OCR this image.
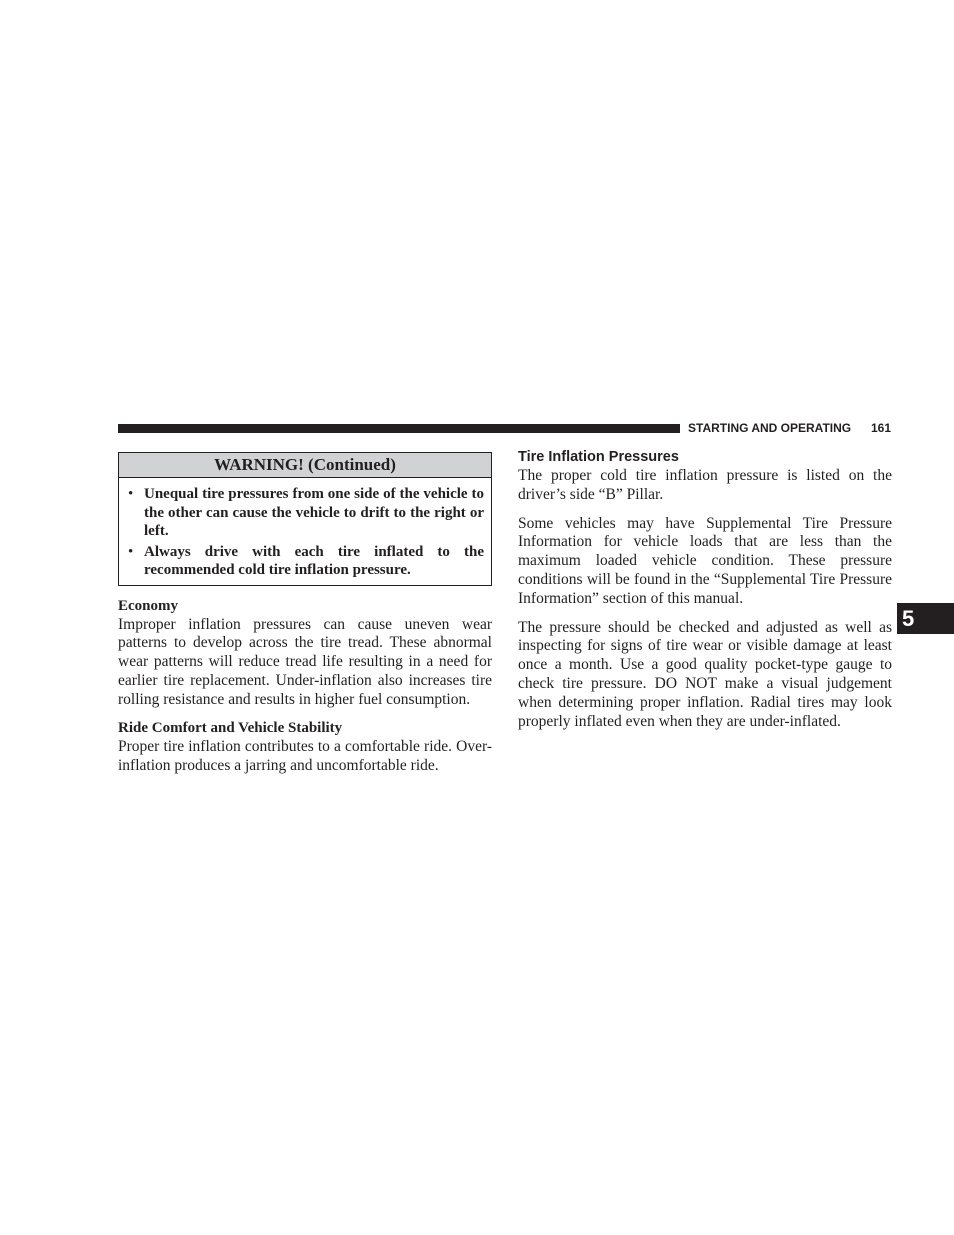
STARTING AND OPERATING 161
5
WARNING! (Continued)
• Unequal tire pressures from one side of the vehicle to the other can cause the vehicle to drift to the right or left.
• Always drive with each tire inflated to the recommended cold tire inflation pressure.

Economy

Improper inflation pressures can cause uneven wear patterns to develop across the tire tread. These abnormal wear patterns will reduce tread life resulting in a need for earlier tire replacement. Under-inflation also increases tire rolling resistance and results in higher fuel consumption.

Ride Comfort and Vehicle Stability

Proper tire inflation contributes to a comfortable ride. Over-inflation produces a jarring and uncomfortable ride.

Tire Inflation Pressures

The proper cold tire inflation pressure is listed on the driver’s side “B” Pillar.

Some vehicles may have Supplemental Tire Pressure Information for vehicle loads that are less than the maximum loaded vehicle condition. These pressure conditions will be found in the “Supplemental Tire Pressure Information” section of this manual.

The pressure should be checked and adjusted as well as inspecting for signs of tire wear or visible damage at least once a month. Use a good quality pocket-type gauge to check tire pressure. DO NOT make a visual judgement when determining proper inflation. Radial tires may look properly inflated even when they are under-inflated.
